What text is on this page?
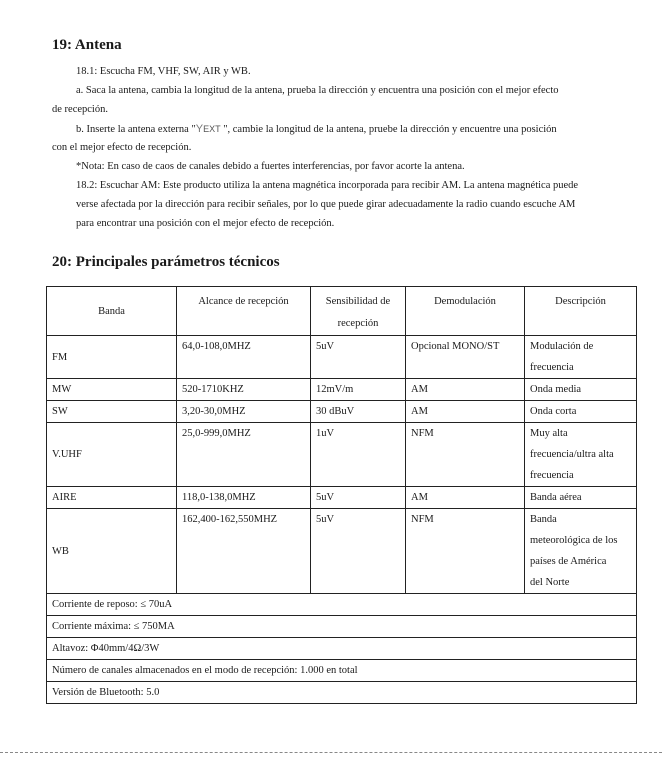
19: Antena
18.1: Escucha FM, VHF, SW, AIR y WB.
a. Saca la antena, cambia la longitud de la antena, prueba la dirección y encuentra una posición con el mejor efecto
de recepción.
b. Inserte la antena externa "YEXT ", cambie la longitud de la antena, pruebe la dirección y encuentre una posición
con el mejor efecto de recepción.
*Nota: En caso de caos de canales debido a fuertes interferencias, por favor acorte la antena.
18.2: Escuchar AM: Este producto utiliza la antena magnética incorporada para recibir AM. La antena magnética puede
verse afectada por la dirección para recibir señales, por lo que puede girar adecuadamente la radio cuando escuche AM
para encontrar una posición con el mejor efecto de recepción.
20: Principales parámetros técnicos
Banda	Alcance de recepción	Sensibilidad de
recepción	Demodulación	Descripción

FM	64,0-108,0MHZ	5uV	Opcional MONO/ST	Modulación de
frecuencia

MW	520-1710KHZ	12mV/m	AM	Onda media

SW	3,20-30,0MHZ	30 dBuV	AM	Onda corta

V.UHF	25,0-999,0MHZ	1uV	NFM	Muy alta
frecuencia/ultra alta
frecuencia

AIRE	118,0-138,0MHZ	5uV	AM	Banda aérea

WB	162,400-162,550MHZ	5uV	NFM	Banda
meteorológica de los
países de América
del Norte

Corriente de reposo: ≤ 70uA				
Corriente máxima: ≤ 750MA				
Altavoz: Φ40mm/4Ω/3W				
Número de canales almacenados en el modo de recepción: 1.000 en total				
Versión de Bluetooth: 5.0				
